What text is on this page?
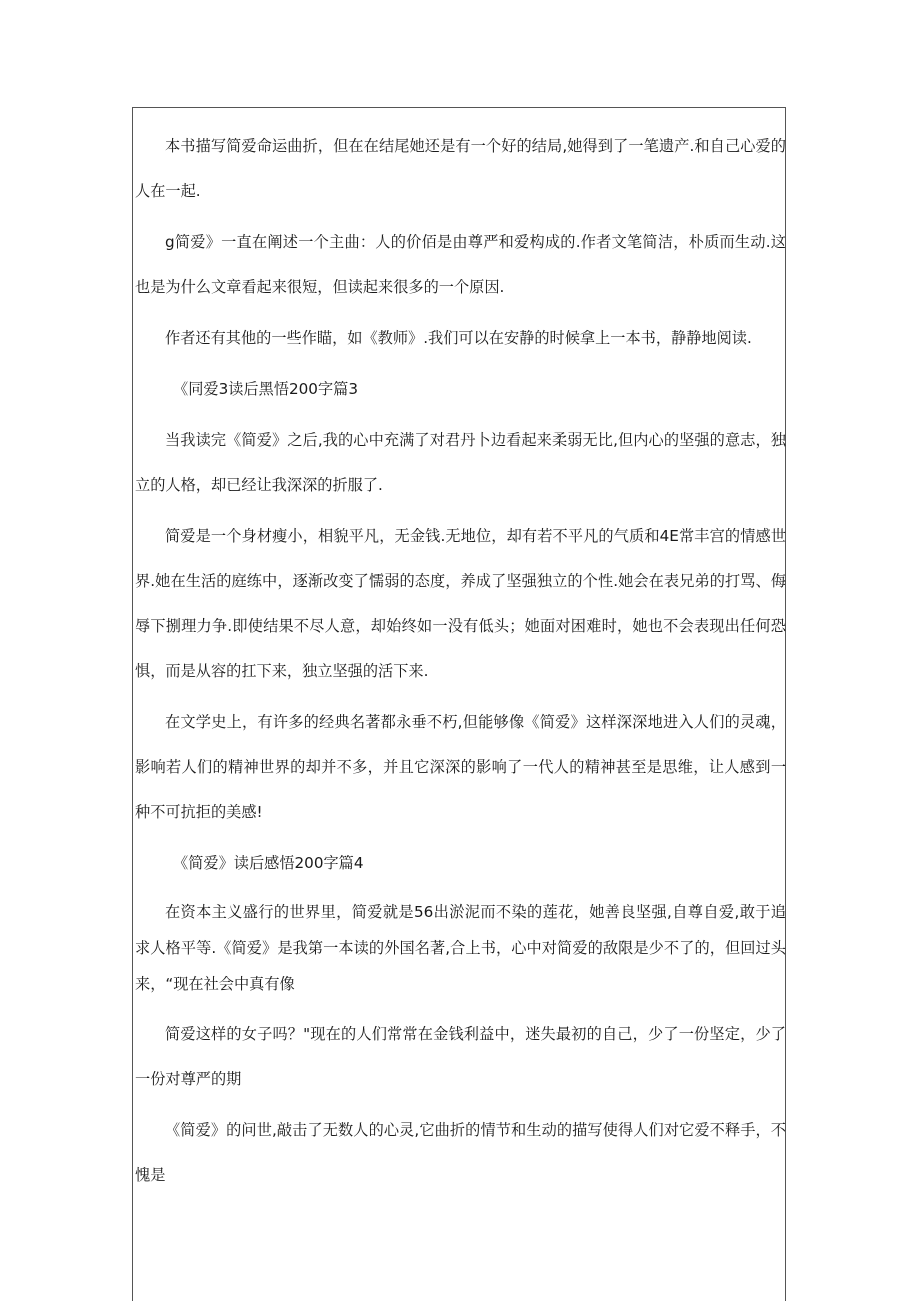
本书描写简爱命运曲折，但在在结尾她还是有一个好的结局,她得到了一笔遗产.和自己心爱的人在一起.

g简爱》一直在阐述一个主曲：人的价佰是由尊严和爱构成的.作者文笔简洁，朴质而生动.这也是为什么文章看起来很短，但读起来很多的一个原因.

作者还有其他的一些作瞄，如《教师》.我们可以在安静的时候拿上一本书，静静地阅读.

《同爱3读后黑悟200字篇3

当我读完《简爱》之后,我的心中充满了对君丹卜边看起来柔弱无比,但内心的坚强的意志，独立的人格，却已经让我深深的折服了.

简爱是一个身材瘦小，相貌平凡，无金钱.无地位，却有若不平凡的气质和4E常丰宫的情感世界.她在生活的庭练中，逐渐改变了懦弱的态度，养成了坚强独立的个性.她会在表兄弟的打骂、侮辱下捌理力争.即使结果不尽人意，却始终如一没有低头；她面对困难时，她也不会表现出任何恐惧，而是从容的扛下来，独立坚强的活下来.

在文学史上，有许多的经典名著都永垂不朽,但能够像《简爱》这样深深地进入人们的灵魂，影响若人们的精神世界的却并不多，并且它深深的影响了一代人的精神甚至是思维，让人感到一种不可抗拒的美感!

《简爱》读后感悟200字篇4

在资本主义盛行的世界里，简爱就是56出淤泥而不染的莲花，她善良坚强,自尊自爱,敢于追求人格平等.《简爱》是我第一本读的外国名著,合上书，心中对简爱的敌限是少不了的，但回过头来，“现在社会中真有像

简爱这样的女子吗？"现在的人们常常在金钱利益中，迷失最初的自己，少了一份坚定，少了一份对尊严的期

《简爱》的问世,敲击了无数人的心灵,它曲折的情节和生动的描写使得人们对它爱不释手，不愧是
